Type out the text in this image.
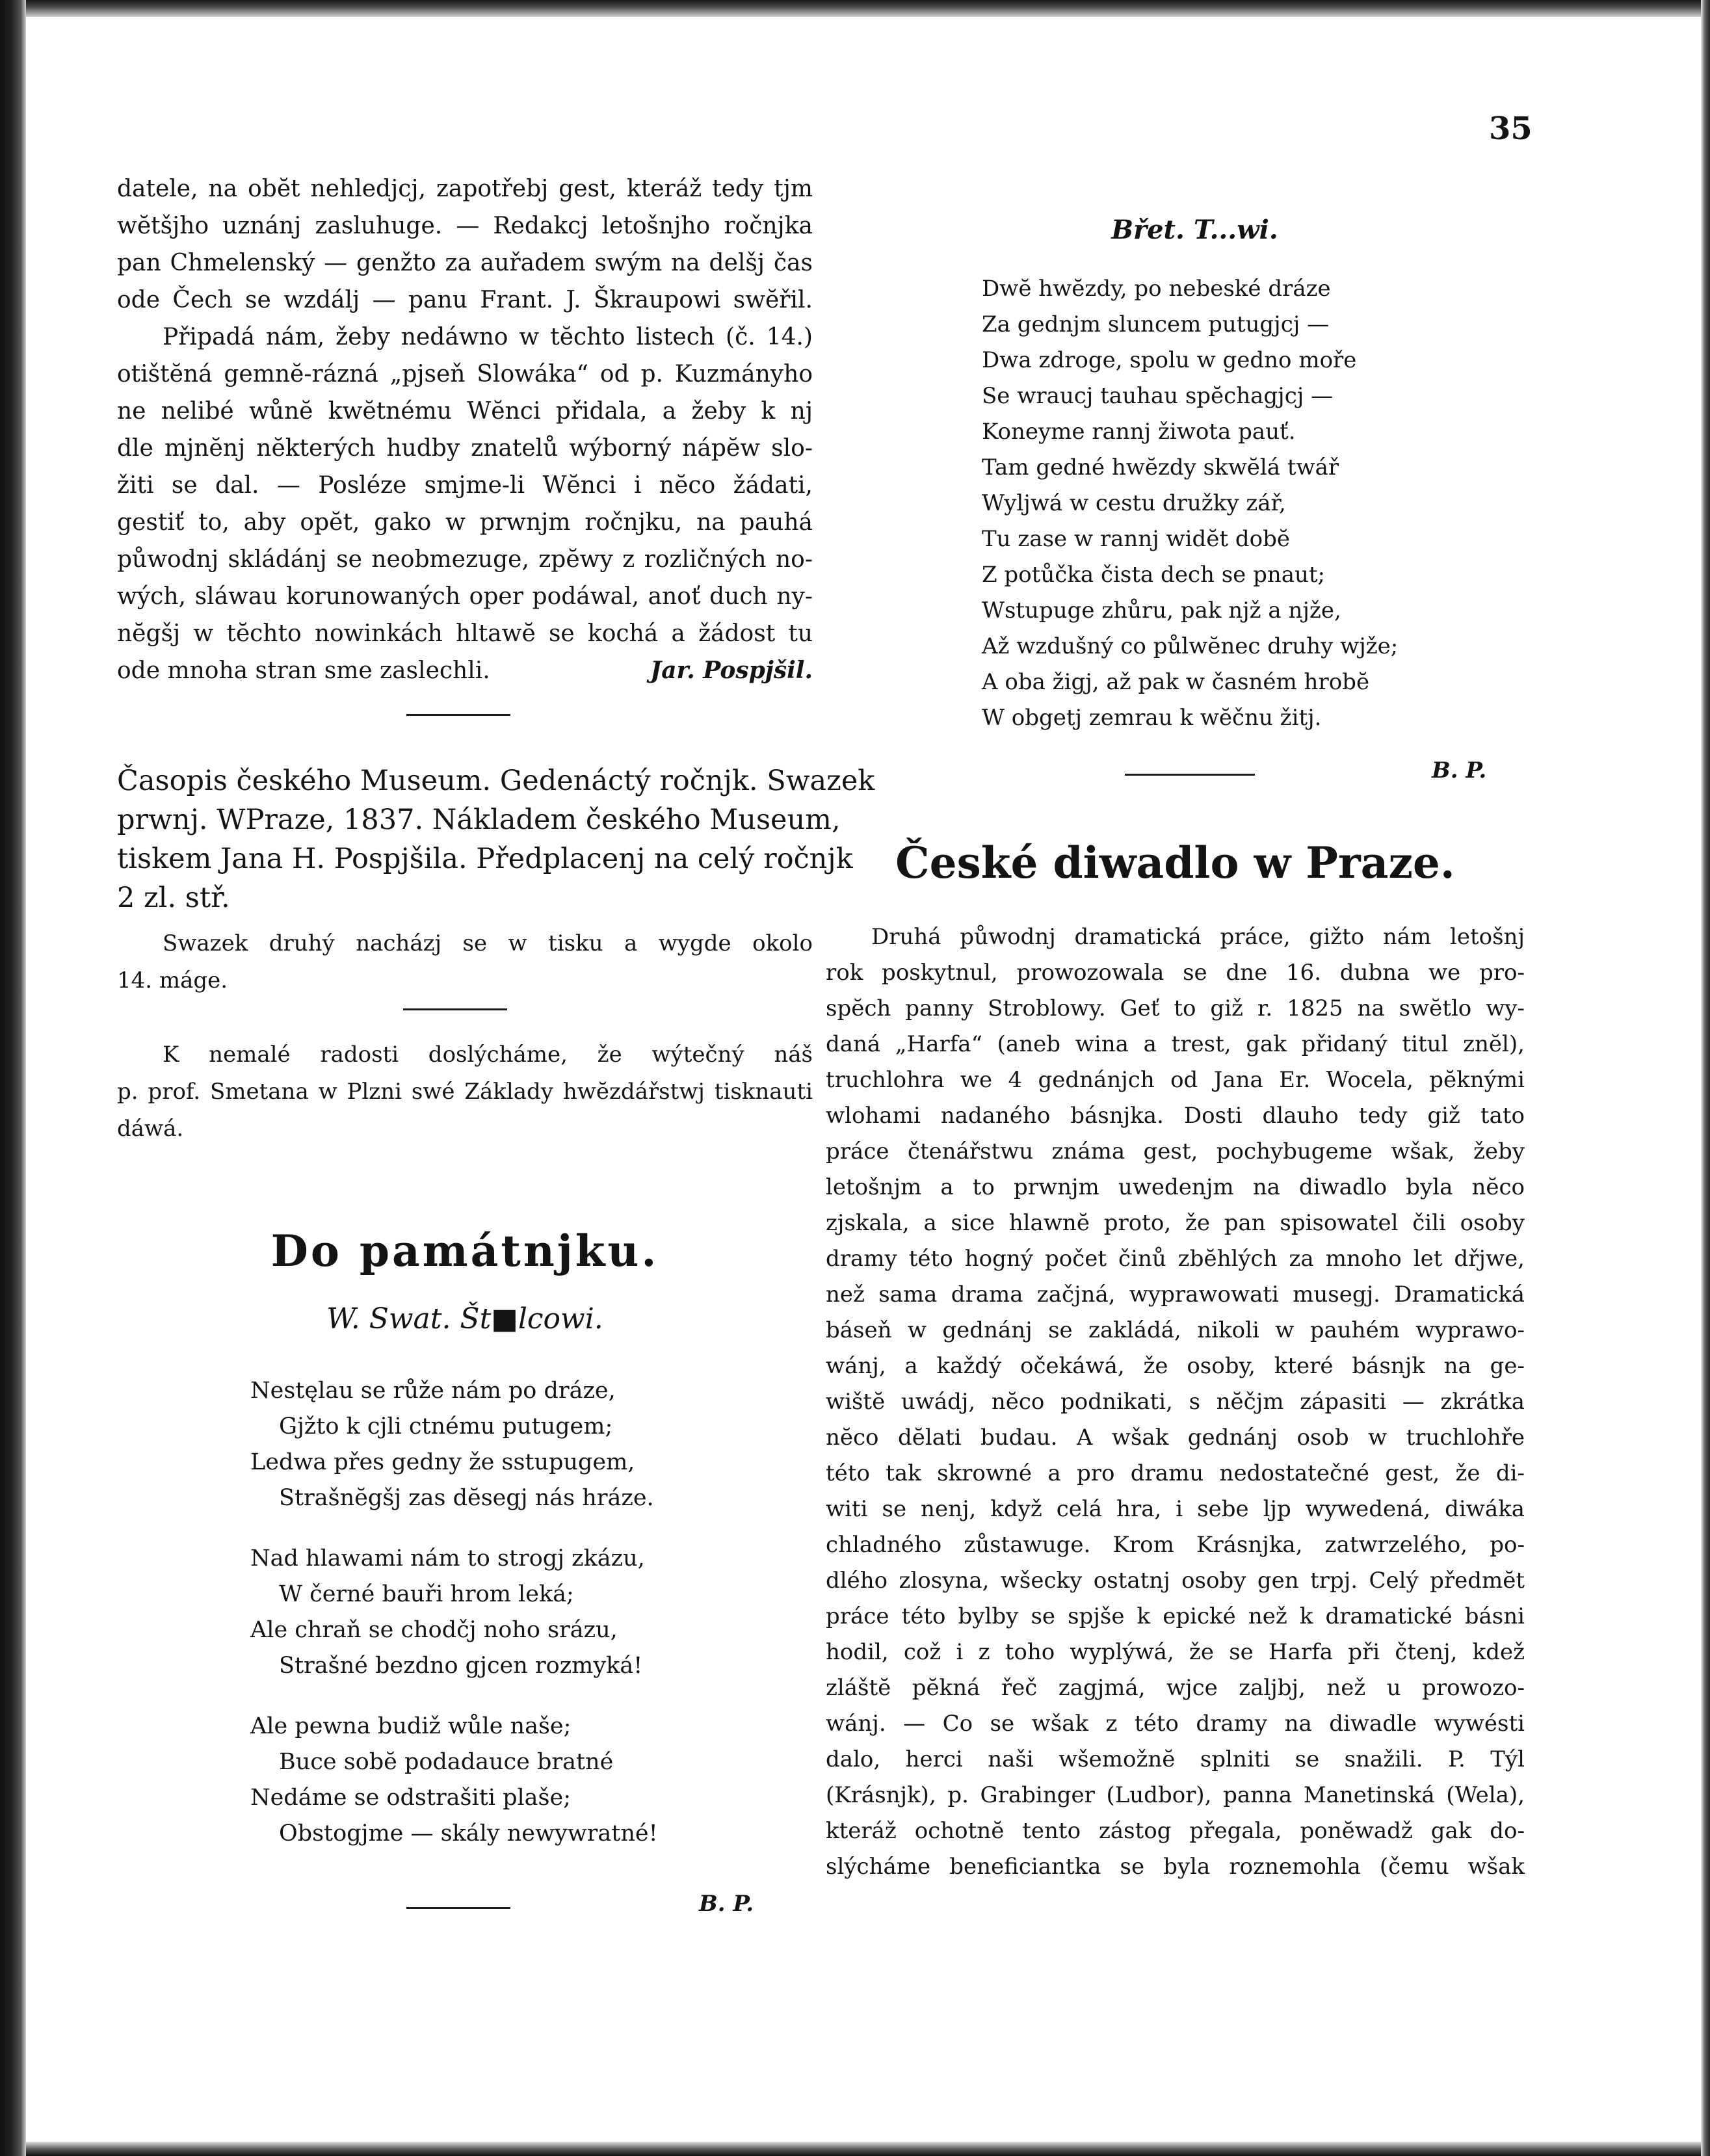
35
datele, na obĕt nehledjcj, zapotřebj gest, kteráž tedy tjm
wĕtšjho uznánj zasluhuge. — Redakcj letošnjho ročnjka
pan Chmelenský — genžto za auřadem swým na delšj čas
ode Čech se wzdálj — panu Frant. J. Škraupowi swĕřil.
Připadá nám, žeby nedáwno w tĕchto listech (č. 14.)
otištĕná gemnĕ-rázná „pjseň Slowáka“ od p. Kuzmányho
ne nelibé wůnĕ kwĕtnému Wĕnci přidala, a žeby k nj
dle mjnĕnj nĕkterých hudby znatelů wýborný nápĕw slo-
žiti se dal. — Posléze smjme-li Wĕnci i nĕco žádati,
gestiť to, aby opĕt, gako w prwnjm ročnjku, na pauhá
půwodnj skládánj se neobmezuge, zpĕwy z rozličných no-
wých, sláwau korunowaných oper podáwal, anoť duch ny-
nĕgšj w tĕchto nowinkách hltawĕ se kochá a žádost tu
ode mnoha stran sme zaslechli.	Jar. Pospjšil.
Časopis českého Museum. Gedenáctý ročnjk. Swazek
prwnj. WPraze, 1837. Nákladem českého Museum,
tiskem Jana H. Pospjšila. Předplacenj na celý ročnjk
2 zl. stř.
Swazek druhý nacházj se w tisku a wygde okolo
14. máge.
K nemalé radosti doslýcháme, že wýtečný náš
p. prof. Smetana w Plzni swé Základy hwĕzdářstwj tisknauti
dáwá.
Do památnjku.
W. Swat. Št■lcowi.
Nestęlau se růže nám po dráze,
Gjžto k cjli ctnému putugem;
Ledwa přes gedny že sstupugem,
Strašnĕgšj zas dĕsegj nás hráze.
Nad hlawami nám to strogj zkázu,
W černé bauři hrom leká;
Ale chraň se chodčj noho srázu,
Strašné bezdno gjcen rozmyká!
Ale pewna budiž wůle naše;
Buce sobĕ podadauce bratné
Nedáme se odstrašiti plaše;
Obstogjme — skály newywratné!
B. P.
Břet. T...wi.
Dwĕ hwĕzdy, po nebeské dráze
Za gednjm sluncem putugjcj —
Dwa zdroge, spolu w gedno moře
Se wraucj tauhau spĕchagjcj —
Koneyme rannj žiwota pauť.
Tam gedné hwĕzdy skwĕlá twář
Wyljwá w cestu družky zář,
Tu zase w rannj widĕt dobĕ
Z potůčka čista dech se pnaut;
Wstupuge zhůru, pak njž a njže,
Až wzdušný co půlwĕnec druhy wjže;
A oba žigj, až pak w časném hrobĕ
W obgetj zemrau k wĕčnu žitj.
B. P.
České diwadlo w Praze.
Druhá půwodnj dramatická práce, gižto nám letošnj
rok poskytnul, prowozowala se dne 16. dubna we pro-
spĕch panny Stroblowy. Geť to giž r. 1825 na swĕtlo wy-
daná „Harfa“ (aneb wina a trest, gak přidaný titul znĕl),
truchlohra we 4 gednánjch od Jana Er. Wocela, pĕknými
wlohami nadaného básnjka. Dosti dlauho tedy giž tato
práce čtenářstwu známa gest, pochybugeme wšak, žeby
letošnjm a to prwnjm uwedenjm na diwadlo byla nĕco
zjskala, a sice hlawnĕ proto, že pan spisowatel čili osoby
dramy této hogný počet činů zbĕhlých za mnoho let dřjwe,
než sama drama začjná, wyprawowati musegj. Dramatická
báseň w gednánj se zakládá, nikoli w pauhém wyprawo-
wánj, a každý očekáwá, že osoby, které básnjk na ge-
wištĕ uwádj, nĕco podnikati, s nĕčjm zápasiti — zkrátka
nĕco dĕlati budau. A wšak gednánj osob w truchlohře
této tak skrowné a pro dramu nedostatečné gest, že di-
witi se nenj, když celá hra, i sebe ljp wywedená, diwáka
chladného zůstawuge. Krom Krásnjka, zatwrzelého, po-
dlého zlosyna, wšecky ostatnj osoby gen trpj. Celý předmĕt
práce této bylby se spjše k epické než k dramatické básni
hodil, což i z toho wyplýwá, že se Harfa při čtenj, kdež
zláštĕ pĕkná řeč zagjmá, wjce zaljbj, než u prowozo-
wánj. — Co se wšak z této dramy na diwadle wywésti
dalo, herci naši wšemožnĕ splniti se snažili. P. Týl
(Krásnjk), p. Grabinger (Ludbor), panna Manetinská (Wela),
kteráž ochotnĕ tento zástog přegala, ponĕwadž gak do-
slýcháme beneficiantka se byla roznemohla (čemu wšak
